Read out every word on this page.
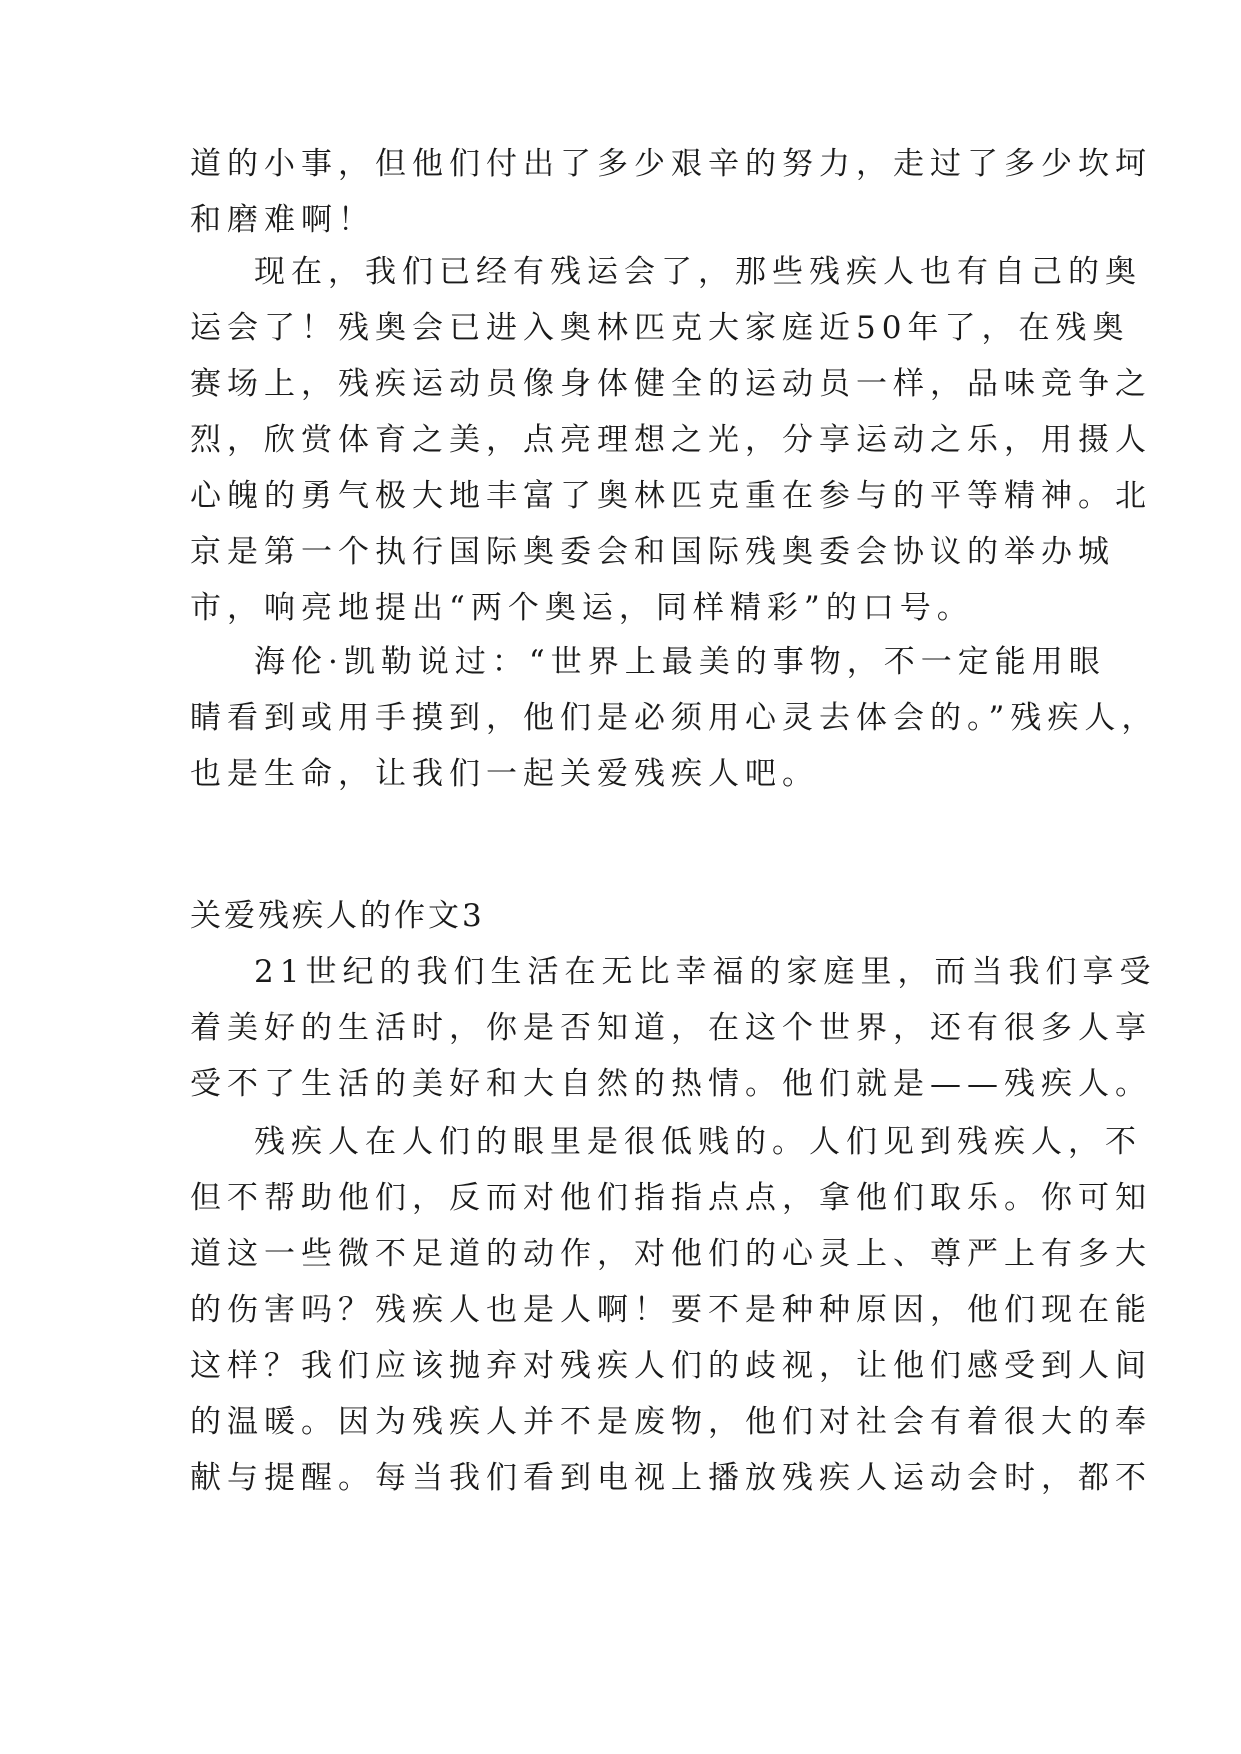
道的小事，但他们付出了多少艰辛的努力，走过了多少坎坷
和磨难啊！
现在，我们已经有残运会了，那些残疾人也有自己的奥
运会了！残奥会已进入奥林匹克大家庭近50年了，在残奥
赛场上，残疾运动员像身体健全的运动员一样，品味竞争之
烈，欣赏体育之美，点亮理想之光，分享运动之乐，用摄人
心魄的勇气极大地丰富了奥林匹克重在参与的平等精神。北
京是第一个执行国际奥委会和国际残奥委会协议的举办城
市，响亮地提出“两个奥运，同样精彩”的口号。
海伦·凯勒说过：“世界上最美的事物，不一定能用眼
睛看到或用手摸到，他们是必须用心灵去体会的。”残疾人，
也是生命，让我们一起关爱残疾人吧。
关爱残疾人的作文3
21世纪的我们生活在无比幸福的家庭里，而当我们享受
着美好的生活时，你是否知道，在这个世界，还有很多人享
受不了生活的美好和大自然的热情。他们就是——残疾人。
残疾人在人们的眼里是很低贱的。人们见到残疾人，不
但不帮助他们，反而对他们指指点点，拿他们取乐。你可知
道这一些微不足道的动作，对他们的心灵上、尊严上有多大
的伤害吗？残疾人也是人啊！要不是种种原因，他们现在能
这样？我们应该抛弃对残疾人们的歧视，让他们感受到人间
的温暖。因为残疾人并不是废物，他们对社会有着很大的奉
献与提醒。每当我们看到电视上播放残疾人运动会时，都不
